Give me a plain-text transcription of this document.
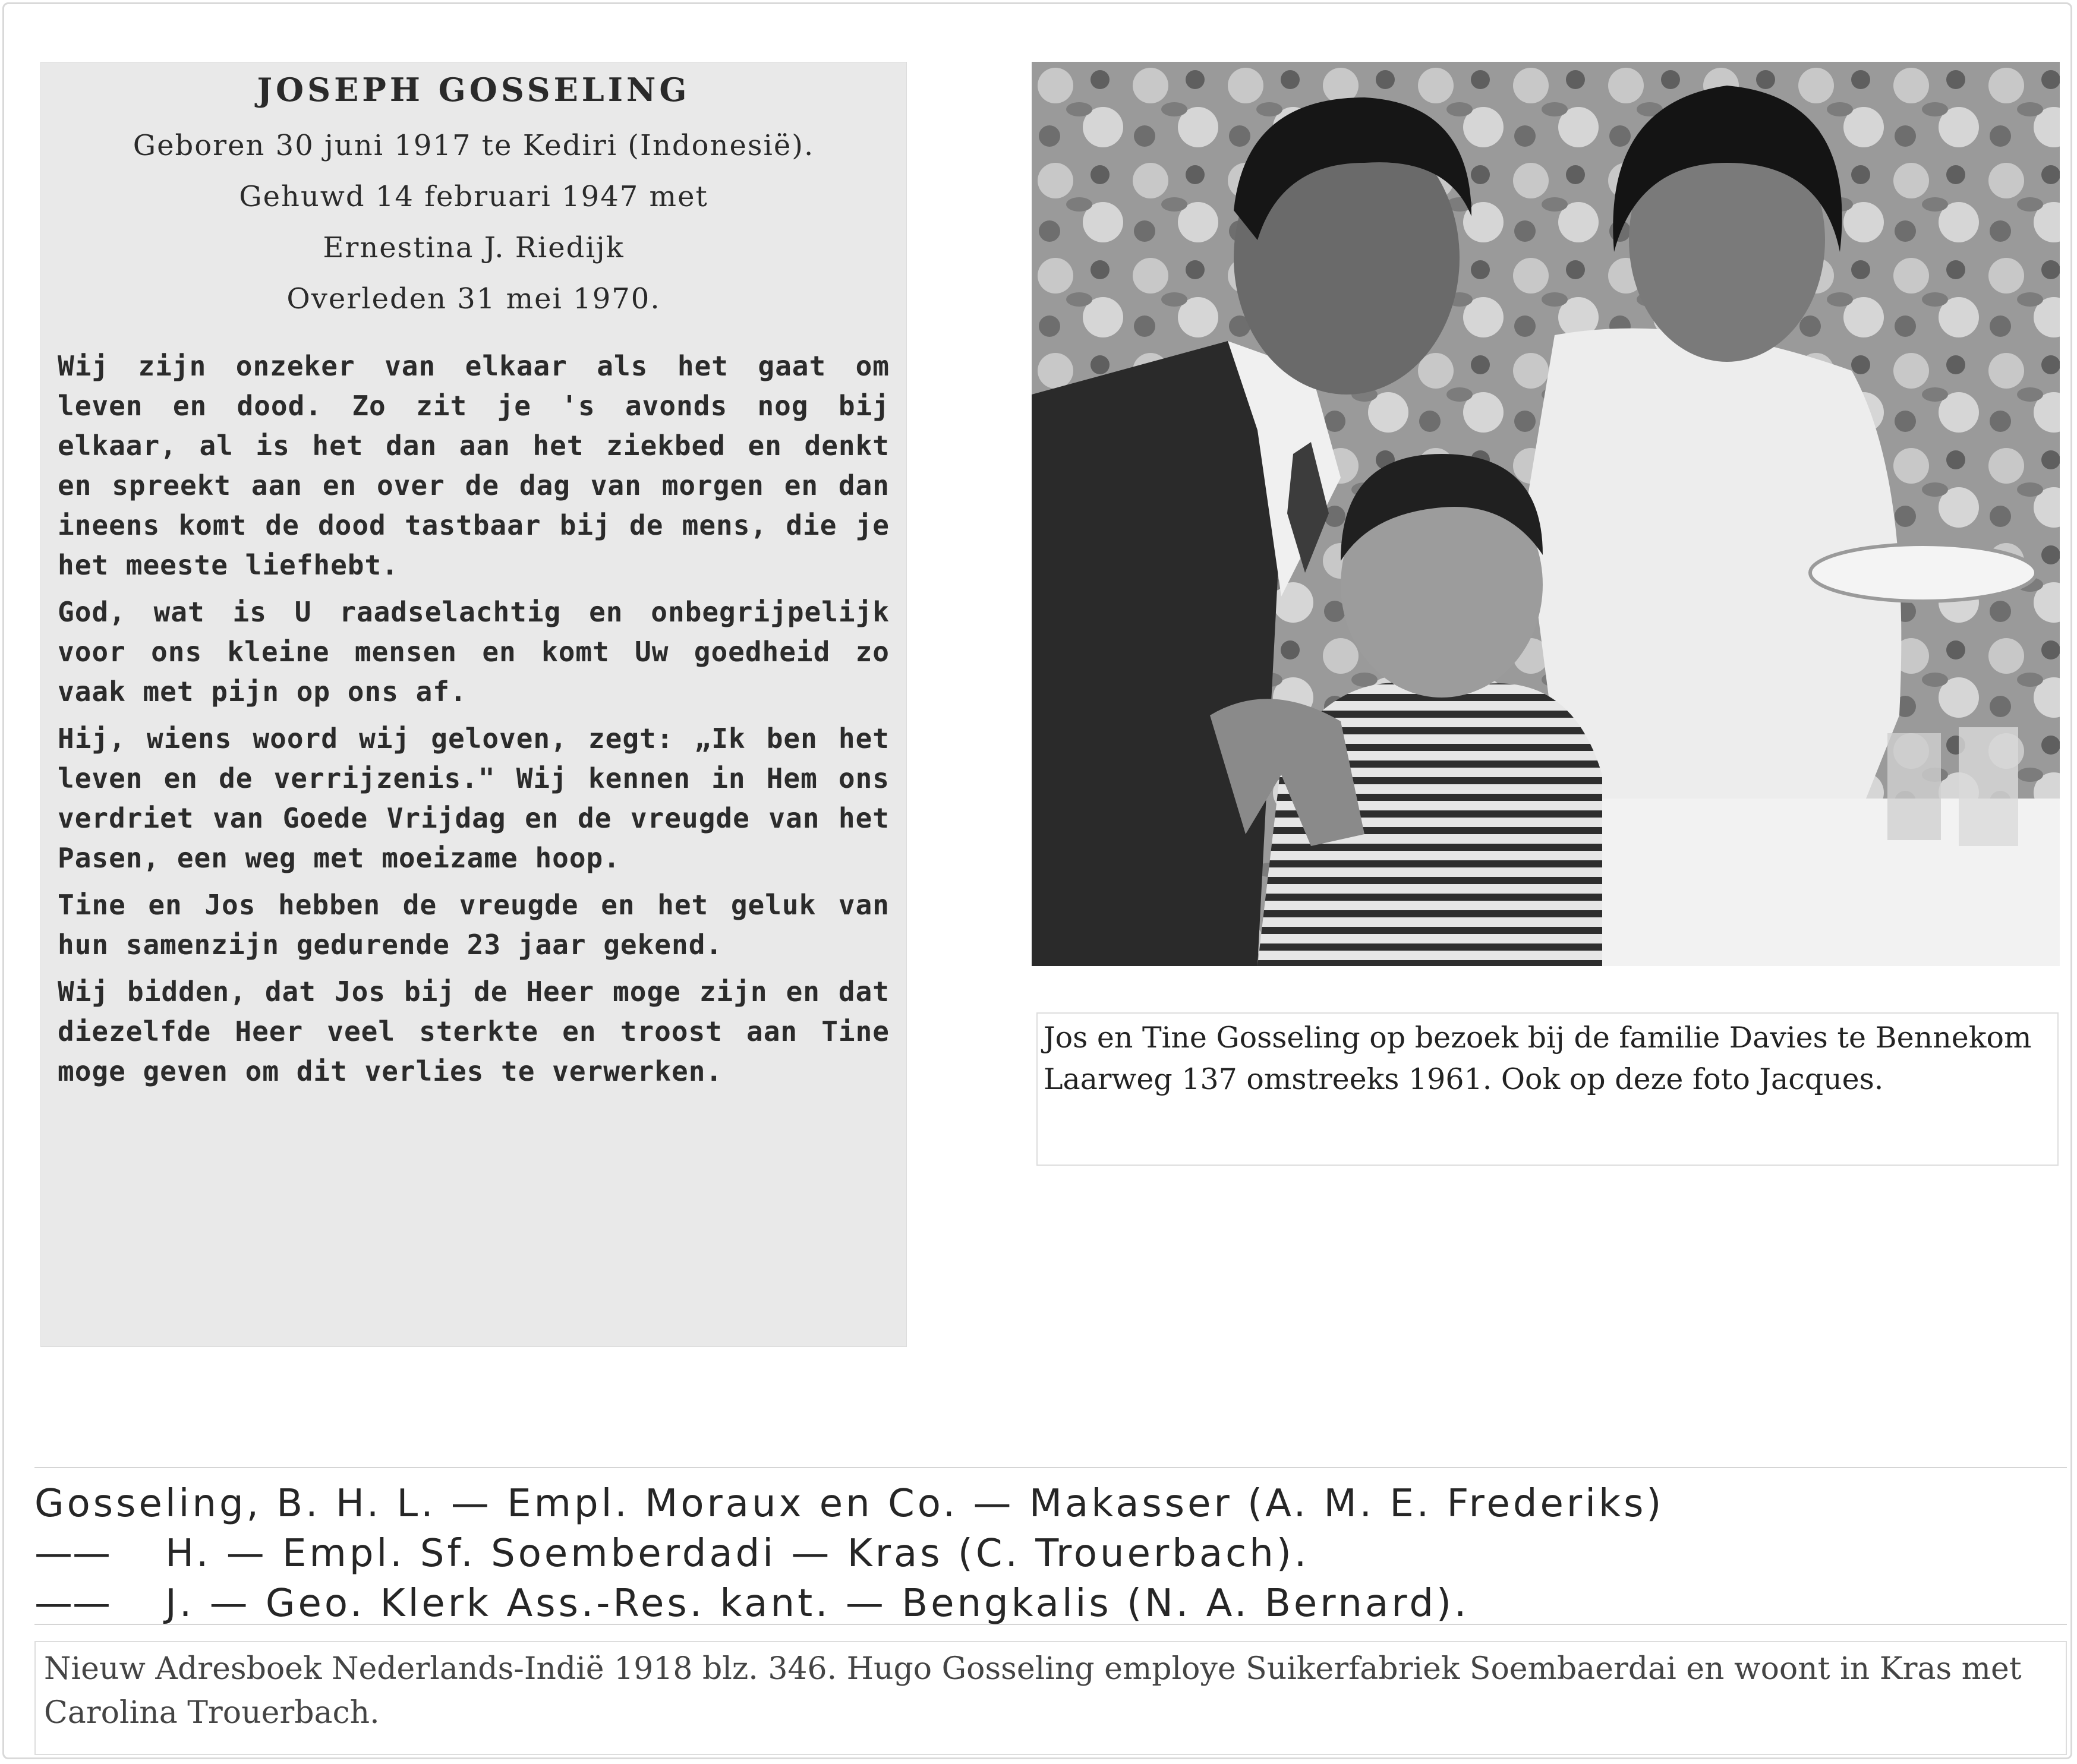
JOSEPH GOSSELING
Geboren 30 juni 1917 te Kediri (Indonesië).
Gehuwd 14 februari 1947 met
Ernestina J. Riedijk
Overleden 31 mei 1970.

Wij zijn onzeker van elkaar als het gaat om leven en dood. Zo zit je 's avonds nog bij elkaar, al is het dan aan het ziekbed en denkt en spreekt aan en over de dag van morgen en dan ineens komt de dood tastbaar bij de mens, die je het meeste liefhebt.

God, wat is U raadselachtig en onbegrijpelijk voor ons kleine mensen en komt Uw goedheid zo vaak met pijn op ons af.

Hij, wiens woord wij geloven, zegt: „Ik ben het leven en de verrijzenis." Wij kennen in Hem ons verdriet van Goede Vrijdag en de vreugde van het Pasen, een weg met moeizame hoop.

Tine en Jos hebben de vreugde en het geluk van hun samenzijn gedurende 23 jaar gekend.

Wij bidden, dat Jos bij de Heer moge zijn en dat diezelfde Heer veel sterkte en troost aan Tine moge geven om dit verlies te verwerken.

Jos en Tine Gosseling op bezoek bij de familie Davies te Bennekom Laarweg 137 omstreeks 1961. Ook op deze foto Jacques.
Gosseling, B. H. L. — Empl. Moraux en Co. — Makasser (A. M. E. Frederiks)
—— H. — Empl. Sf. Soemberdadi — Kras (C. Trouerbach).
—— J. — Geo. Klerk Ass.-Res. kant. — Bengkalis (N. A. Bernard).
Nieuw Adresboek Nederlands-Indië 1918 blz. 346. Hugo Gosseling employe Suikerfabriek Soembaerdai en woont in Kras met Carolina Trouerbach.
